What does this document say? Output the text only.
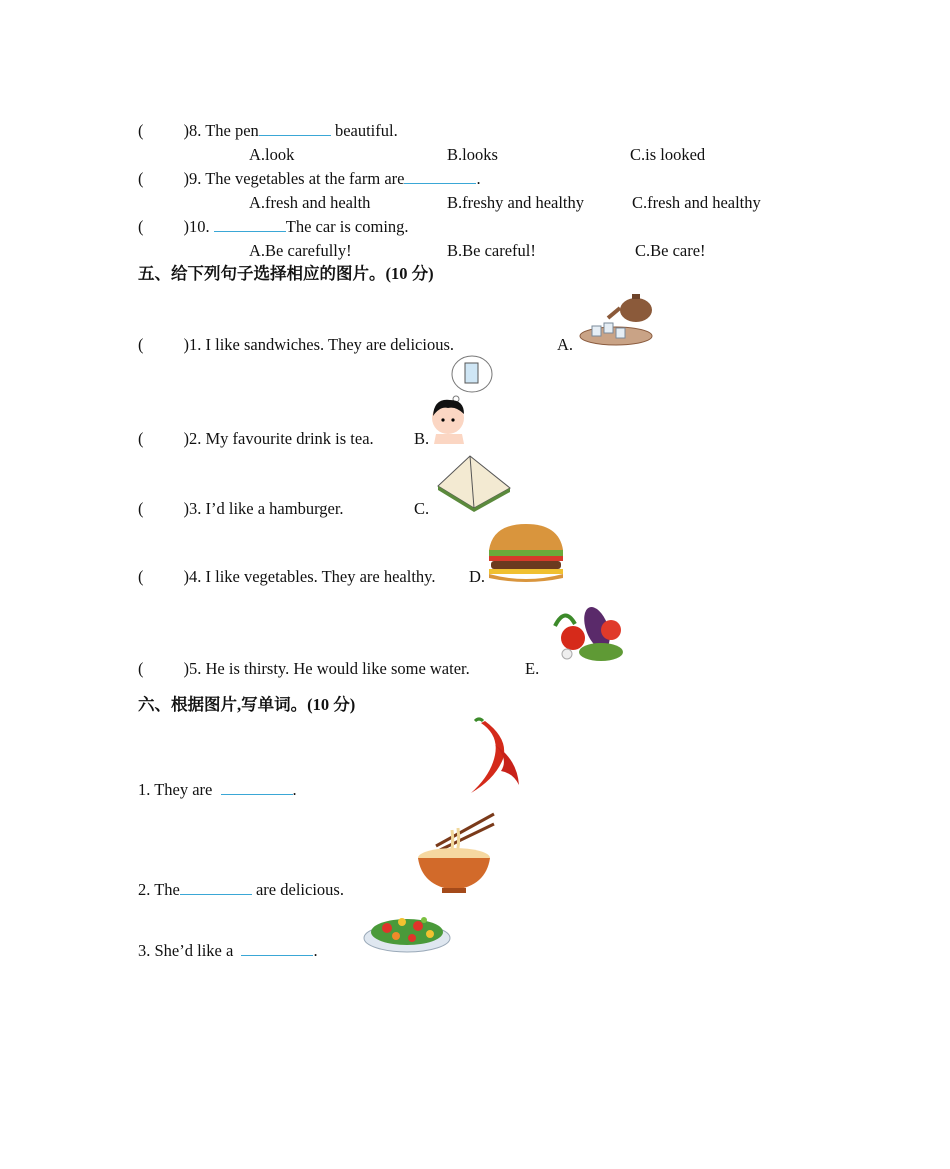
( )8. The pen	beautiful.
A.look	B.looks	C.is looked
( )9. The vegetables at the farm are	.
A.fresh and health	B.freshy and healthy	C.fresh and healthy
( )10.	The car is coming.
A.Be carefully!	B.Be careful!	C.Be care!
五、给下列句子选择相应的图片。(10 分)
( )1. I like sandwiches. They are delicious.	A.
( )2. My favourite drink is tea. B.
( )3. I’d like a hamburger.	C.
( )4. I like vegetables. They are healthy. D.
( )5. He is thirsty. He would like some water.	E.
六、根据图片,写单词。(10 分)
1. They are	.
2. The	are delicious.
3. She’d like a	.
